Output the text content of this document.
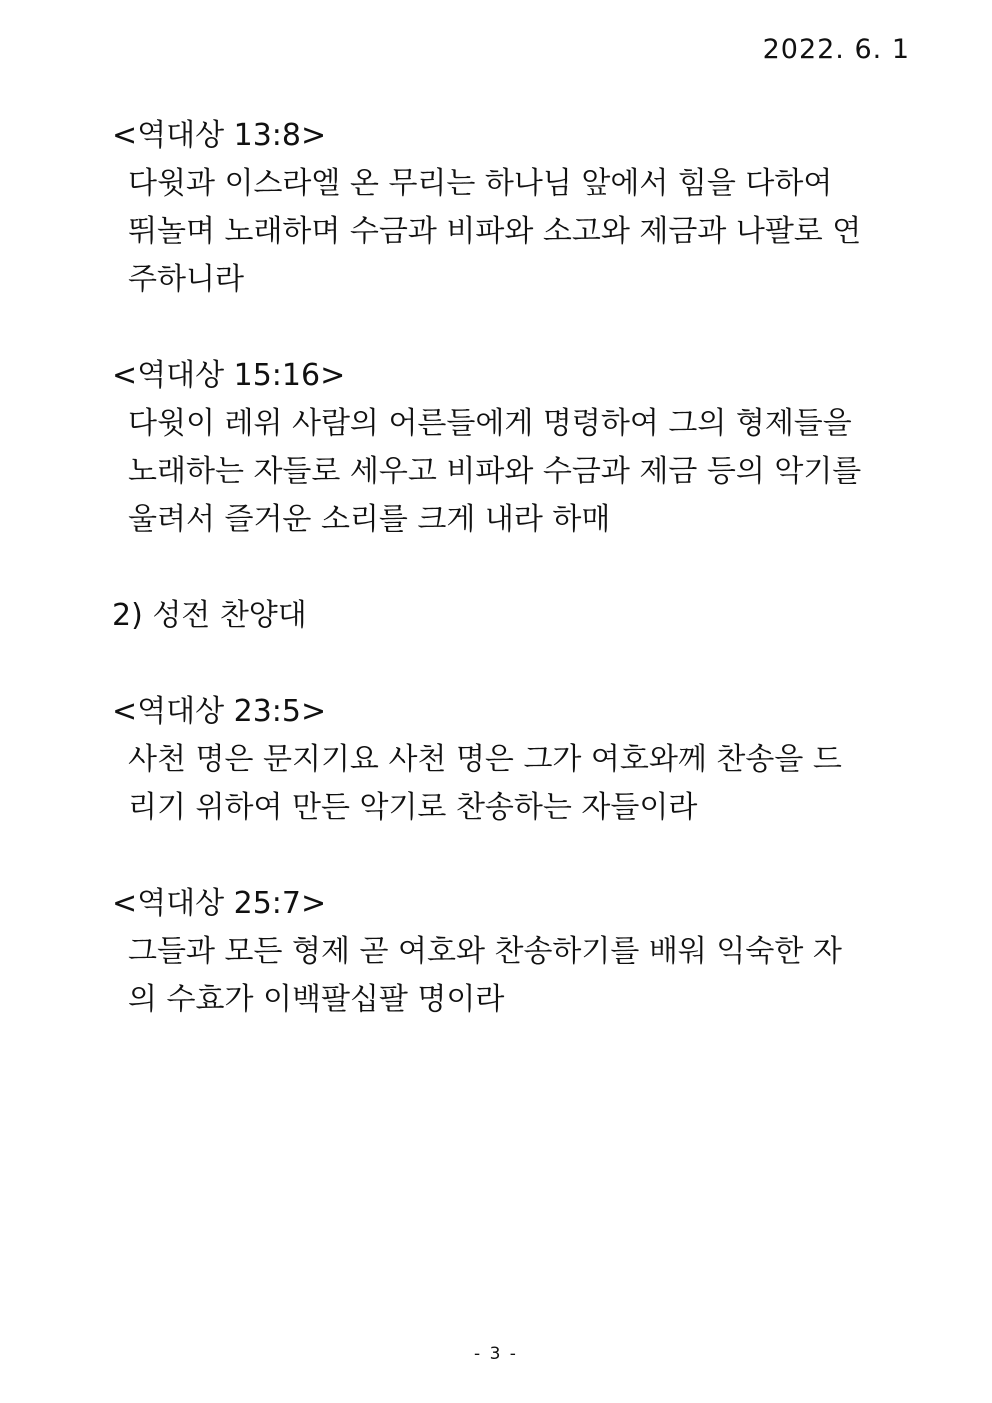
2022. 6. 1
<역대상 13:8>
다윗과 이스라엘 온 무리는 하나님 앞에서 힘을 다하여
뛰놀며 노래하며 수금과 비파와 소고와 제금과 나팔로 연
주하니라
<역대상 15:16>
다윗이 레위 사람의 어른들에게 명령하여 그의 형제들을
노래하는 자들로 세우고 비파와 수금과 제금 등의 악기를
울려서 즐거운 소리를 크게 내라 하매
2) 성전 찬양대
<역대상 23:5>
사천 명은 문지기요 사천 명은 그가 여호와께 찬송을 드
리기 위하여 만든 악기로 찬송하는 자들이라
<역대상 25:7>
그들과 모든 형제 곧 여호와 찬송하기를 배워 익숙한 자
의 수효가 이백팔십팔 명이라
- 3 -
